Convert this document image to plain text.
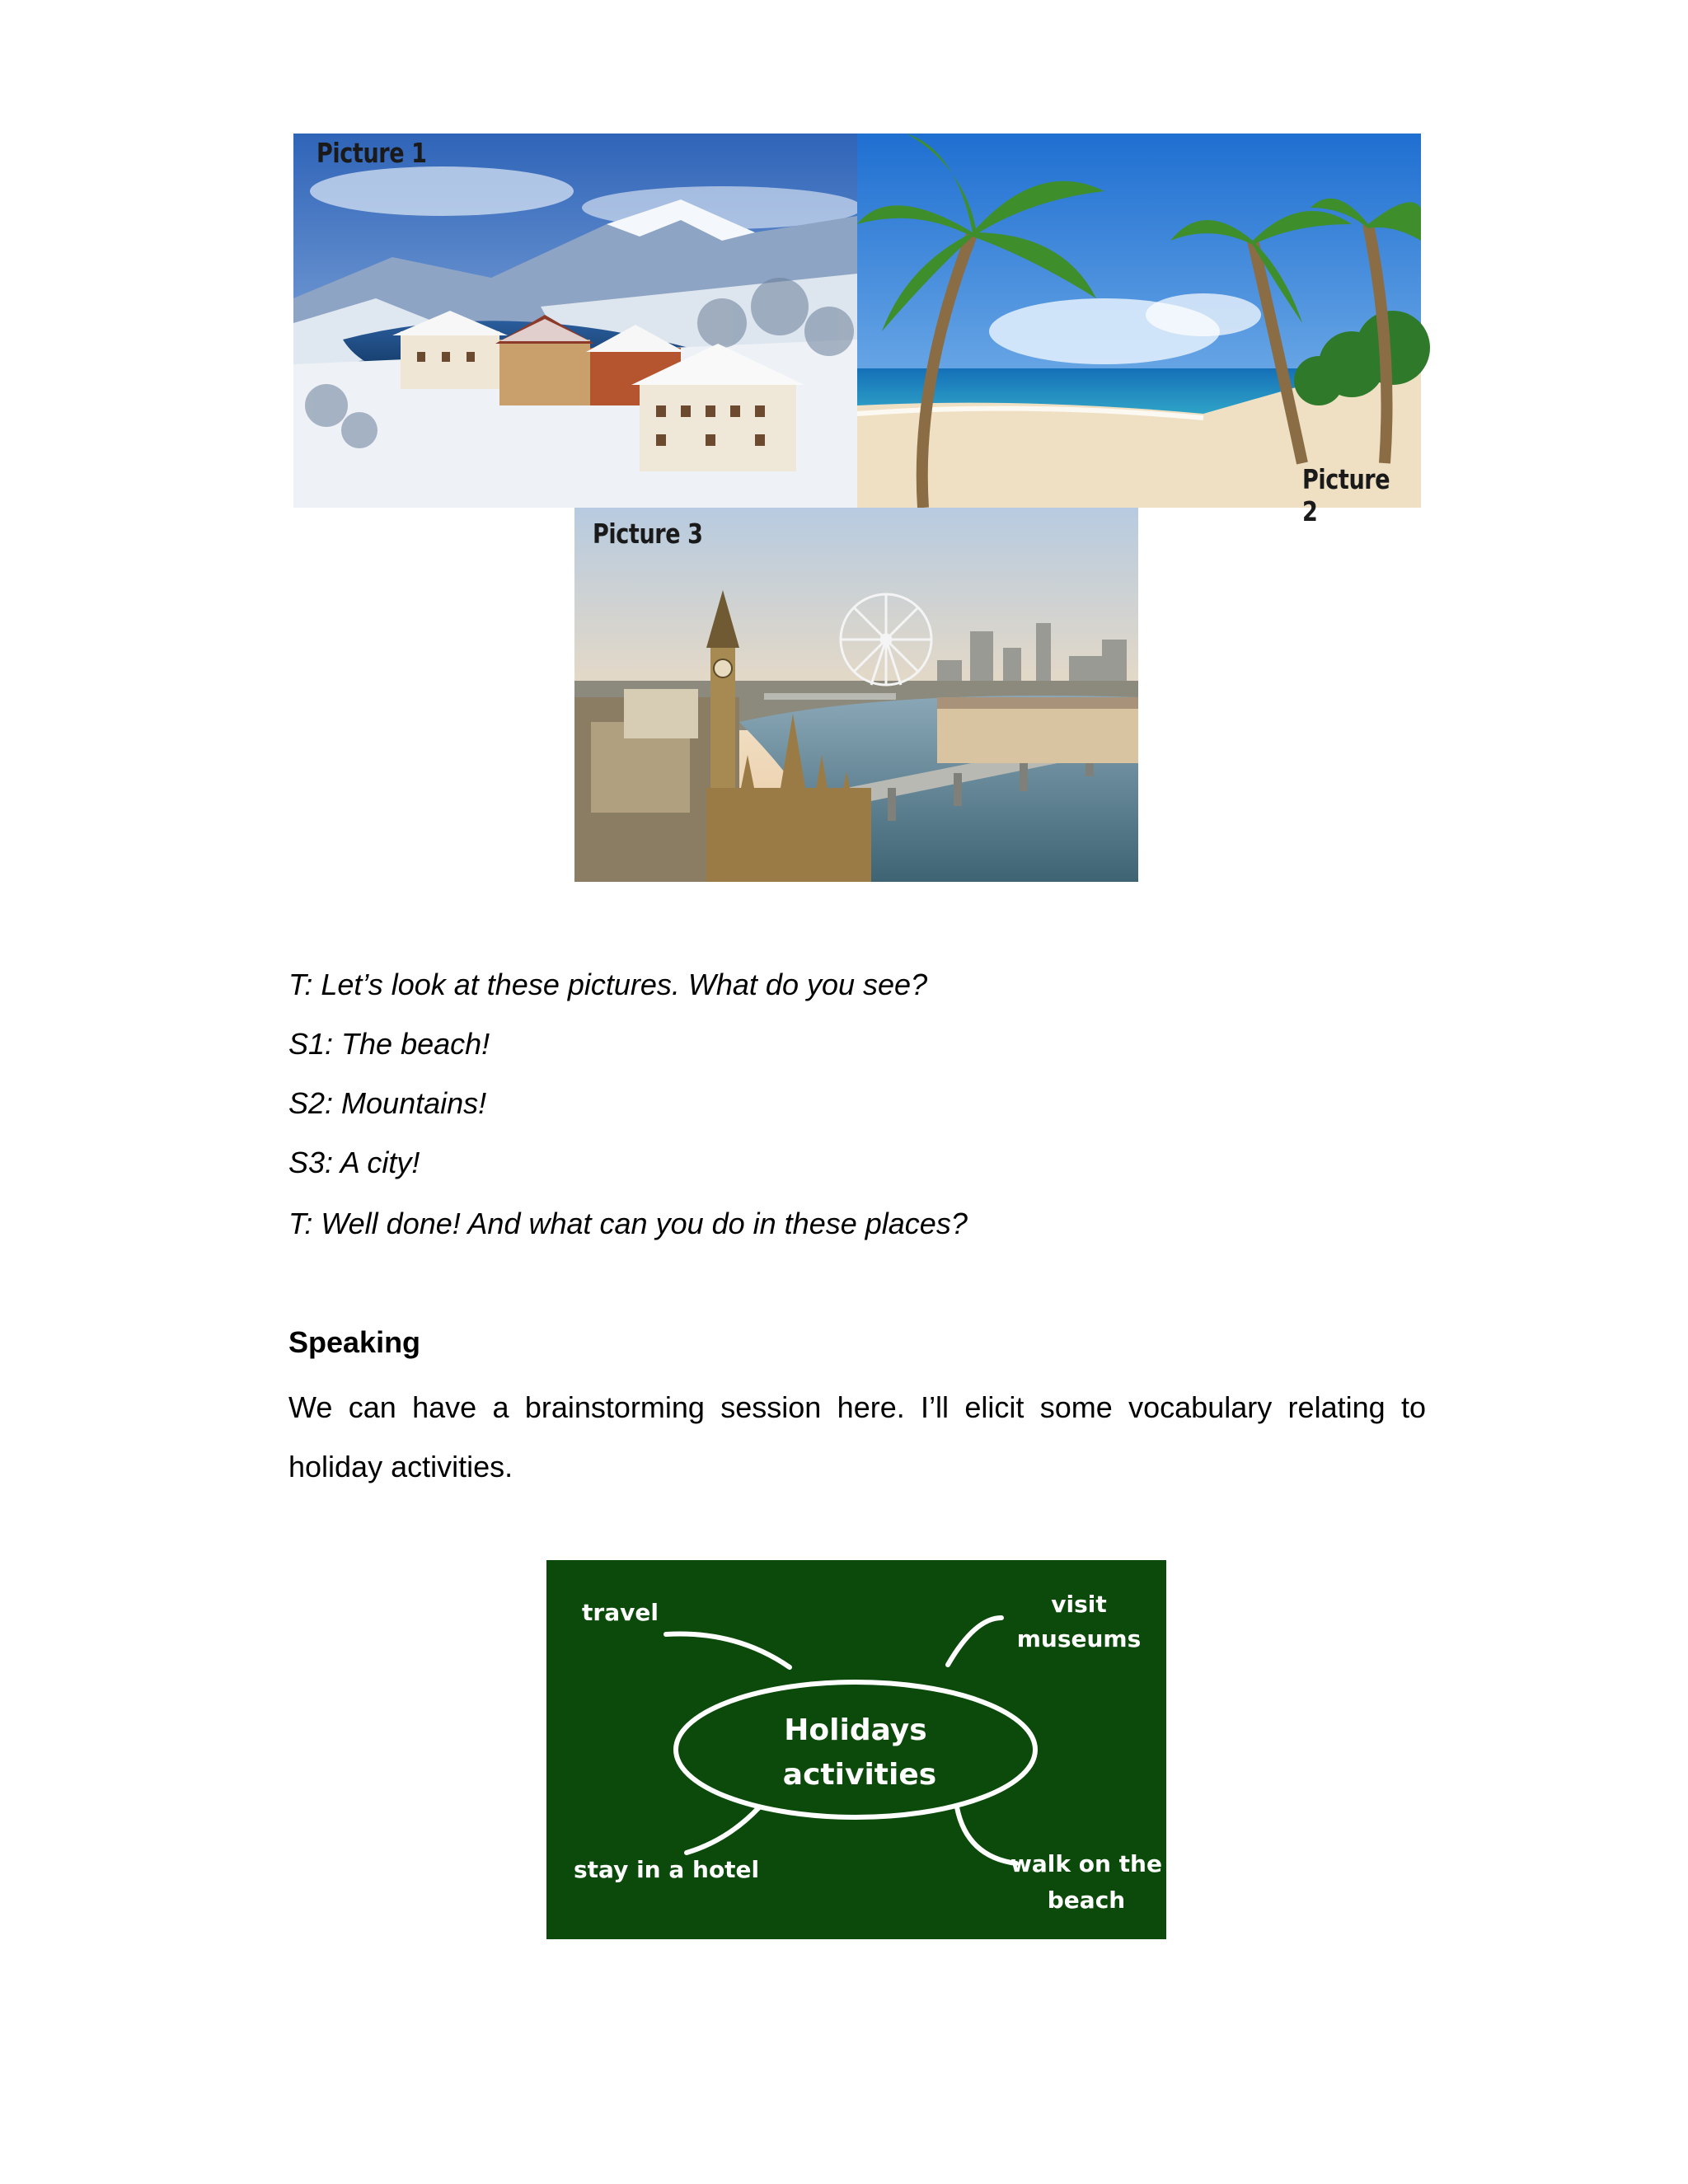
Picture 1
Picture 2
Picture 3
T: Let’s look at these pictures. What do you see?
S1: The beach!
S2: Mountains!
S3: A city!
T: Well done! And what can you do in these places?
Speaking
We can have a brainstorming session here. I’ll elicit some vocabulary relating to holiday activities.
Holidays
activities
travel	visit
museums
stay in a hotel	walk on the
beach
